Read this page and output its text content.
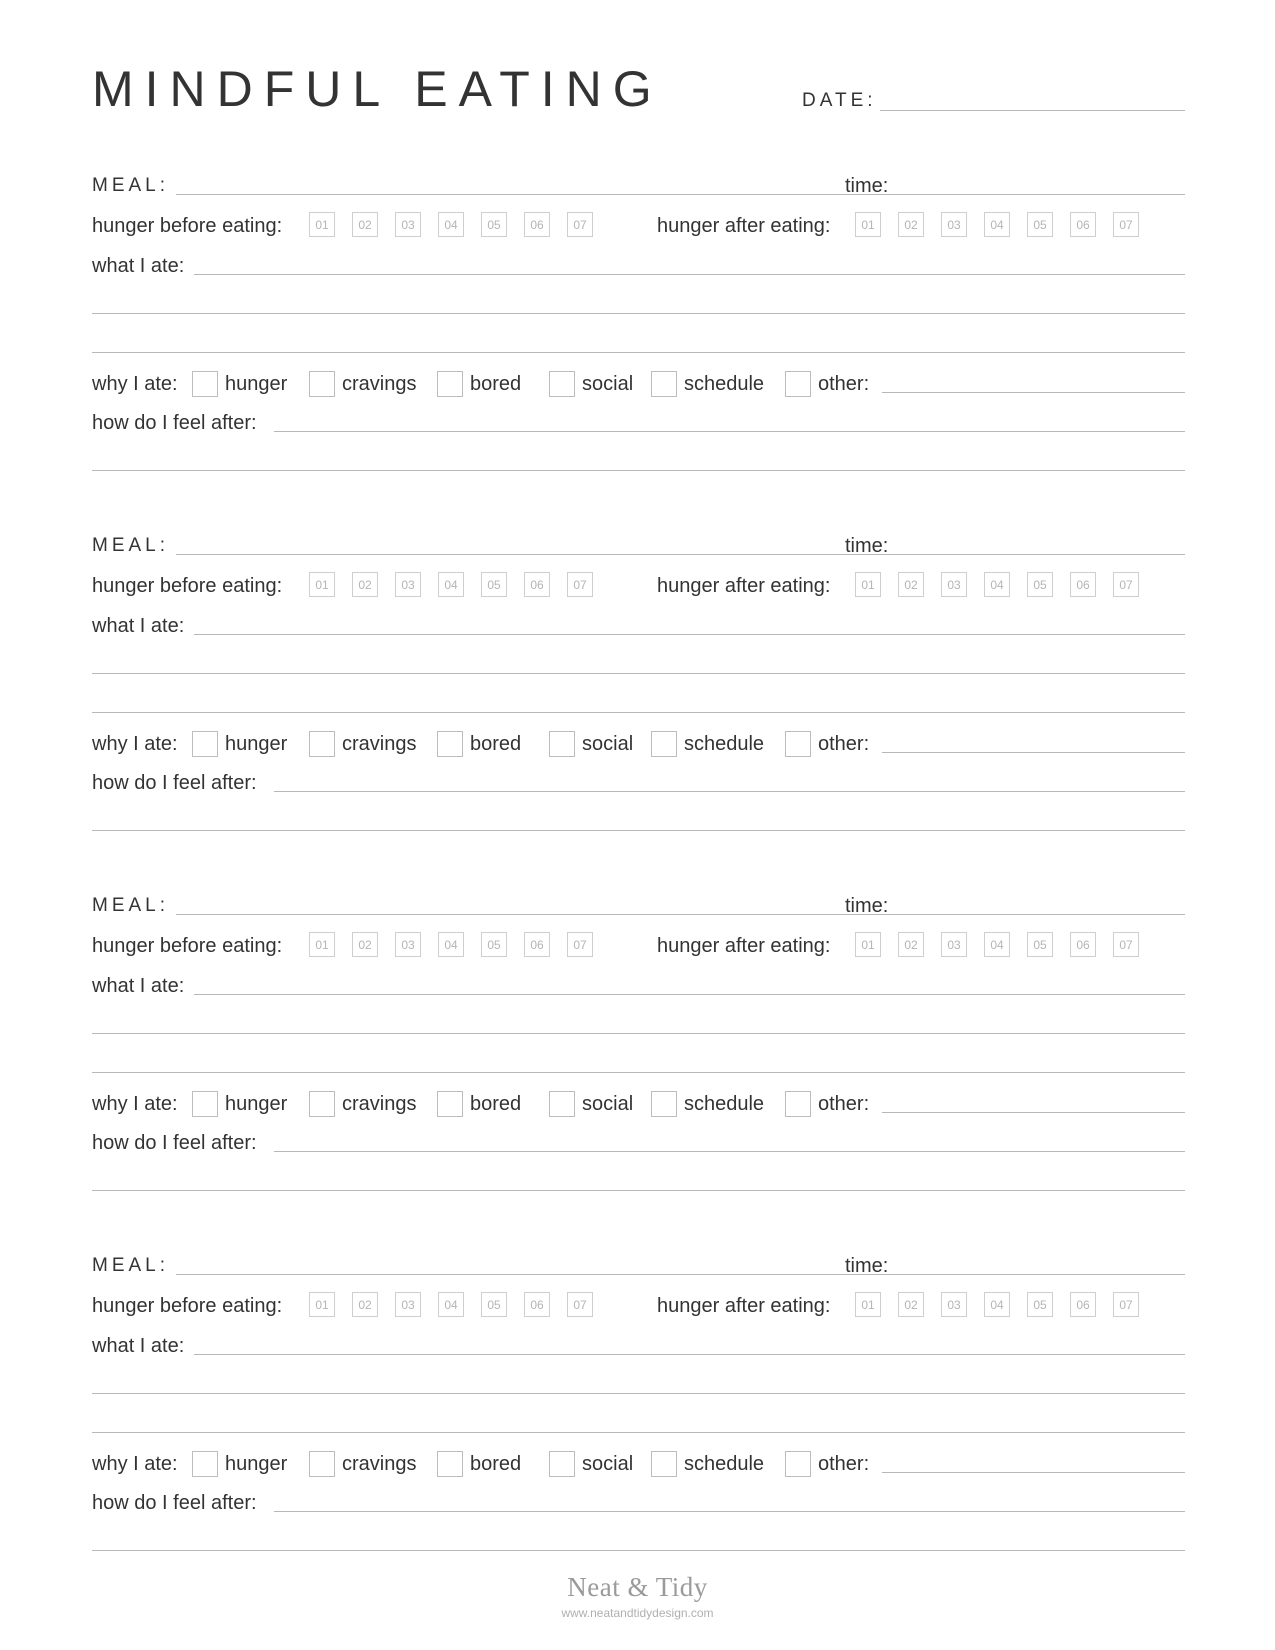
MINDFUL EATING	DATE:
MEAL:	time:
hunger before eating:	01	02	03	04	05	06	07	hunger after eating:	01	02	03	04	05	06	07
what I ate:
why I ate: hunger	cravings	bored	social	schedule	other:
how do I feel after:
MEAL:	time:
hunger before eating:	01	02	03	04	05	06	07	hunger after eating:	01	02	03	04	05	06	07
what I ate:
why I ate: hunger	cravings	bored	social	schedule	other:
how do I feel after:
MEAL:	time:
hunger before eating:	01	02	03	04	05	06	07	hunger after eating:	01	02	03	04	05	06	07
what I ate:
why I ate: hunger	cravings	bored	social	schedule	other:
how do I feel after:
MEAL:	time:
hunger before eating:	01	02	03	04	05	06	07	hunger after eating:	01	02	03	04	05	06	07
what I ate:
why I ate: hunger	cravings	bored	social	schedule	other:
how do I feel after:
Neat & Tidy
www.neatandtidydesign.com
